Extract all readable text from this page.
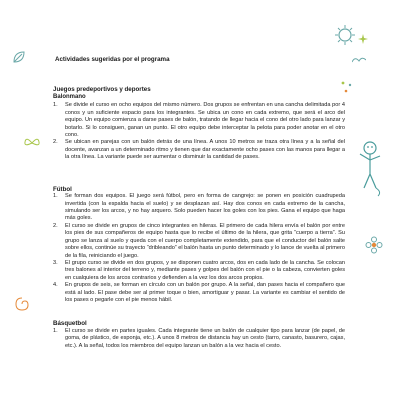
Actividades sugeridas por el programa
Juegos predeportivos y deportes
Balonmano
1.	Se divide el curso en ocho equipos del mismo número. Dos grupos se enfrentan en una cancha delimitada por 4 conos y un suficiente espacio para los integrantes. Se ubica un cono en cada extremo, que será el arco del equipo. Un equipo comienza a darse pases de balón, tratando de llegar hacia el cono del otro lado para lanzar y botarlo. Si lo consiguen, ganan un punto. El otro equipo debe interceptar la pelota para poder anotar en el otro cono.
2.	Se ubican en parejas con un balón detrás de una línea. A unos 10 metros se traza otra línea y a la señal del docente, avanzan a un determinado ritmo y tienen que dar exactamente ocho pases con las manos para llegar a la otra línea. La variante puede ser aumentar o disminuir la cantidad de pases.
Fútbol
1.	Se forman dos equipos. El juego será fútbol, pero en forma de cangrejo: se ponen en posición cuadrupeda invertida (con la espalda hacia el suelo) y se desplazan así. Hay dos conos en cada extremo de la cancha, simulando ser los arcos, y no hay arquero. Solo pueden hacer los goles con los pies. Gana el equipo que haga más goles.
2.	El curso se divide en grupos de cinco integrantes en hileras. El primero de cada hilera envía el balón por entre los pies de sus compañeros de equipo hasta que lo recibe el último de la hilera, que grita “cuerpo a tierra”. Su grupo se lanza al suelo y queda con el cuerpo completamente extendido, para que el conductor del balón salte sobre ellos, continúe su trayecto “dribleando” el balón hasta un punto determinado y lo lance de vuelta al primero de la fila, reiniciando el juego.
3.	El grupo curso se divide en dos grupos, y se disponen cuatro arcos, dos en cada lado de la cancha. Se colocan tres balones al interior del terreno y, mediante pases y golpes del balón con el pie o la cabeza, convierten goles en cualquiera de los arcos contrarios y defienden a la vez los dos arcos propios.
4.	En grupos de seis, se forman en círculo con un balón por grupo. A la señal, dan pases hacia el compañero que está al lado. El pase debe ser al primer toque o bien, amortiguar y pasar. La variante es cambiar el sentido de los pases o pegarle con el pie menos hábil.
Básquetbol
1.	El curso se divide en partes iguales. Cada integrante tiene un balón de cualquier tipo para lanzar (de papel, de goma, de plástico, de esponja, etc.). A unos 8 metros de distancia hay un cesto (tarro, canasto, basurero, cajas, etc.). A la señal, todos los miembros del equipo lanzan un balón a la vez hacia el cesto.
